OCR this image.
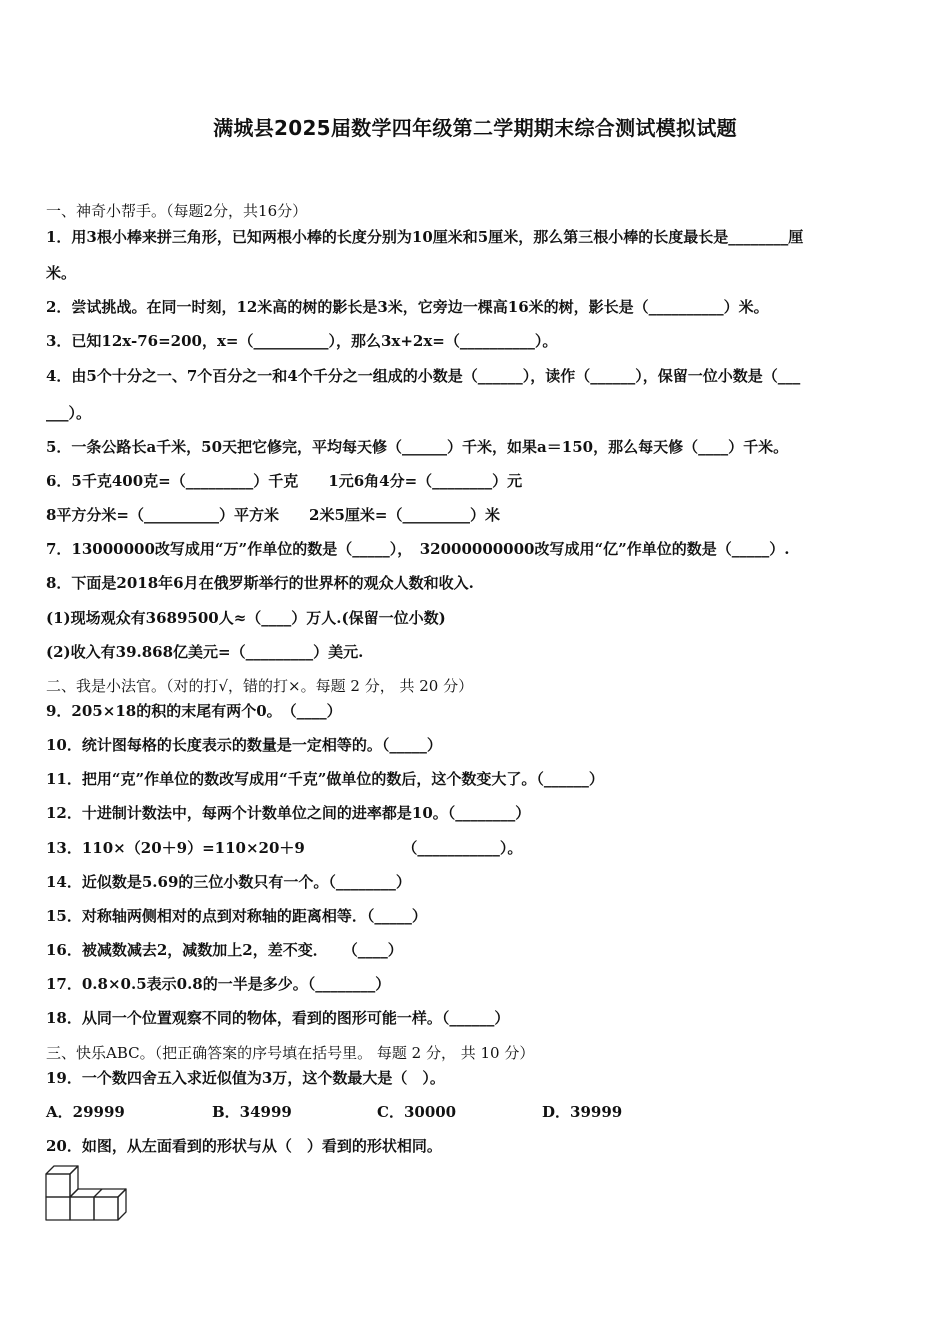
满城县2025届数学四年级第二学期期末综合测试模拟试题
一、神奇小帮手。（每题2分，共16分）
1．用3根小棒来拼三角形，已知两根小棒的长度分别为10厘米和5厘米，那么第三根小棒的长度最长是________厘
米。
2．尝试挑战。在同一时刻，12米高的树的影长是3米，它旁边一棵高16米的树，影长是（__________）米。
3．已知12x-76=200，x=（__________），那么3x+2x=（__________）。
4．由5个十分之一、7个百分之一和4个千分之一组成的小数是（______），读作（______），保留一位小数是（___
___）。
5．一条公路长a千米，50天把它修完，平均每天修（______）千米，如果a＝150，那么每天修（____）千米。
6．5千克400克=（_________）千克　　1元6角4分=（________）元
8平方分米=（__________）平方米　　2米5厘米=（_________）米
7．13000000改写成用“万”作单位的数是（_____），　32000000000改写成用“亿”作单位的数是（_____）.
8．下面是2018年6月在俄罗斯举行的世界杯的观众人数和收入.
(1)现场观众有3689500人≈（____）万人.(保留一位小数)
(2)收入有39.868亿美元=（_________）美元.
二、我是小法官。（对的打√，错的打×。每题 2 分， 共 20 分）
9．205×18的积的末尾有两个0。　（____）
10．统计图每格的长度表示的数量是一定相等的。（_____）
11．把用“克”作单位的数改写成用“千克”做单位的数后，这个数变大了。（______）
12．十进制计数法中，每两个计数单位之间的进率都是10。（________）
13．110×（20＋9）=110×20＋9　　　　　　　（___________）。
14．近似数是5.69的三位小数只有一个。（________）
15．对称轴两侧相对的点到对称轴的距离相等．（_____）
16．被减数减去2，减数加上2，差不变．　　（____）
17．0.8×0.5表示0.8的一半是多少。（________）
18．从同一个位置观察不同的物体，看到的图形可能一样。（______）
三、快乐ABC。（把正确答案的序号填在括号里。 每题 2 分， 共 10 分）
19．一个数四舍五入求近似值为3万，这个数最大是（　）。
A．29999	B．34999	C．30000	D．39999
20．如图，从左面看到的形状与从（　）看到的形状相同。
